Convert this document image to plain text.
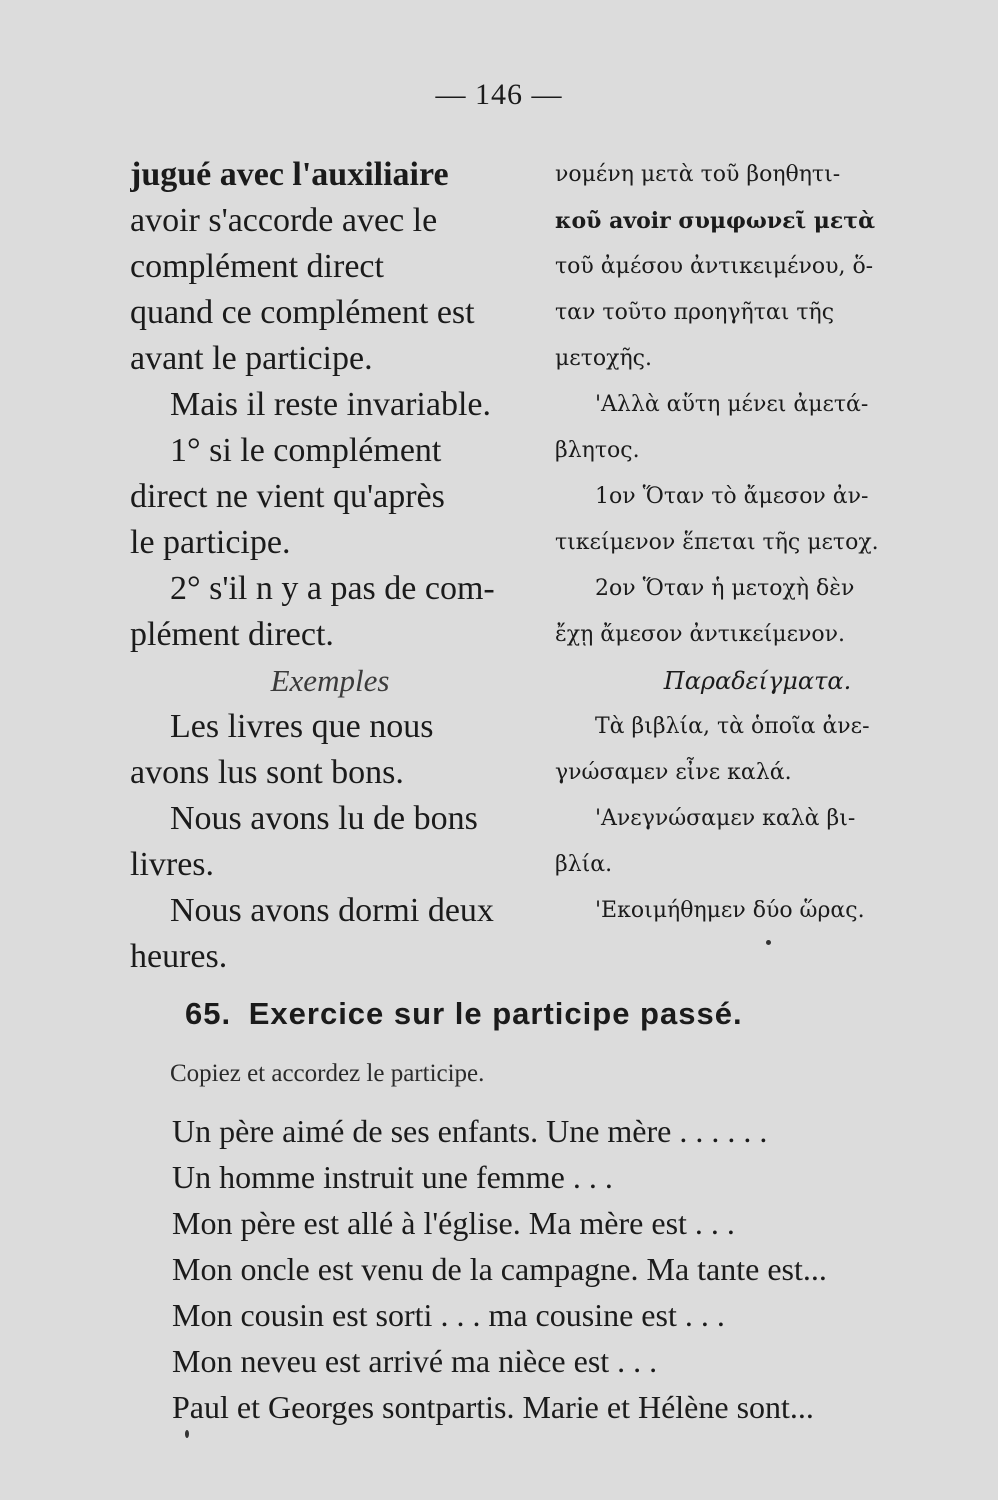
— 146 —
jugué avec l'auxiliaire
avoir s'accorde avec le
complément direct
quand ce complément est
avant le participe.
Mais il reste invariable.
1° si le complément
direct ne vient qu'après
le participe.
2° s'il n y a pas de com-
plément direct.
Exemples
Les livres que nous
avons lus sont bons.
Nous avons lu de bons
livres.
Nous avons dormi deux
heures.
νομένη μετὰ τοῦ βοηθητι-
κοῦ avoir συμφωνεῖ μετὰ
τοῦ ἀμέσου ἀντικειμένου, ὅ-
ταν τοῦτο προηγῆται τῆς
μετοχῆς.
'Αλλὰ αὕτη μένει ἀμετά-
βλητος.
1ον Ὅταν τὸ ἄμεσον ἀν-
τικείμενον ἕπεται τῆς μετοχ.
2ον Ὅταν ἡ μετοχὴ δὲν
ἔχῃ ἄμεσον ἀντικείμενον.
Παραδείγματα.
Τὰ βιβλία, τὰ ὁποῖα ἀνε-
γνώσαμεν εἶνε καλά.
'Ανεγνώσαμεν καλὰ βι-
βλία.
'Εκοιμήθημεν δύο ὥρας.
65. Exercice sur le participe passé.
Copiez et accordez le participe.
Un père aimé de ses enfants. Une mère . . . . . .
Un homme instruit une femme . . .
Mon père est allé à l'église. Ma mère est . . .
Mon oncle est venu de la campagne. Ma tante est...
Mon cousin est sorti . . . ma cousine est . . .
Mon neveu est arrivé ma nièce est . . .
Paul et Georges sontpartis. Marie et Hélène sont...
